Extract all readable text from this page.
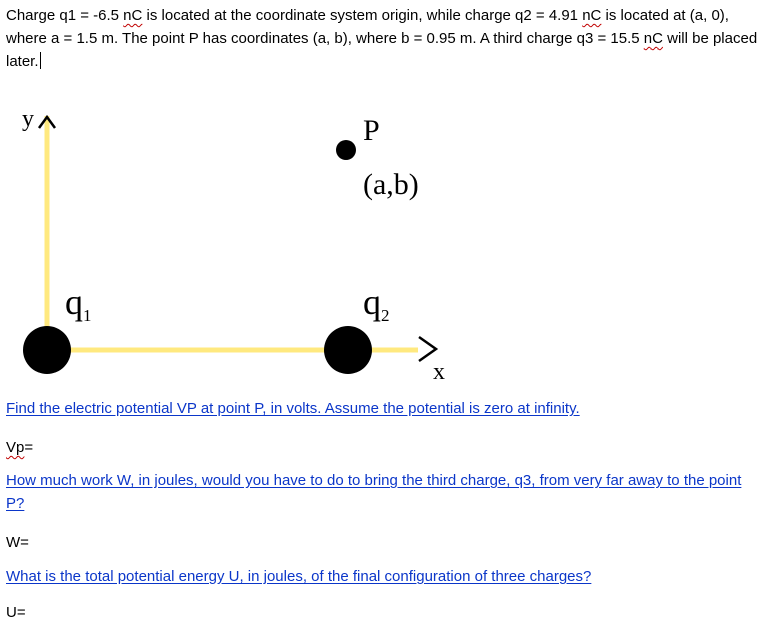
Charge q1 = -6.5 nC is located at the coordinate system origin, while charge q2 = 4.91 nC is located at (a, 0), where a = 1.5 m. The point P has coordinates (a, b), where b = 0.95 m. A third charge q3 = 15.5 nC will be placed later.
y
x
P
(a,b)
q1	q2
Find the electric potential VP at point P, in volts. Assume the potential is zero at infinity.
Vp=
How much work W, in joules, would you have to do to bring the third charge, q3, from very far away to the point P?
W=
What is the total potential energy U, in joules, of the final configuration of three charges?
U=
